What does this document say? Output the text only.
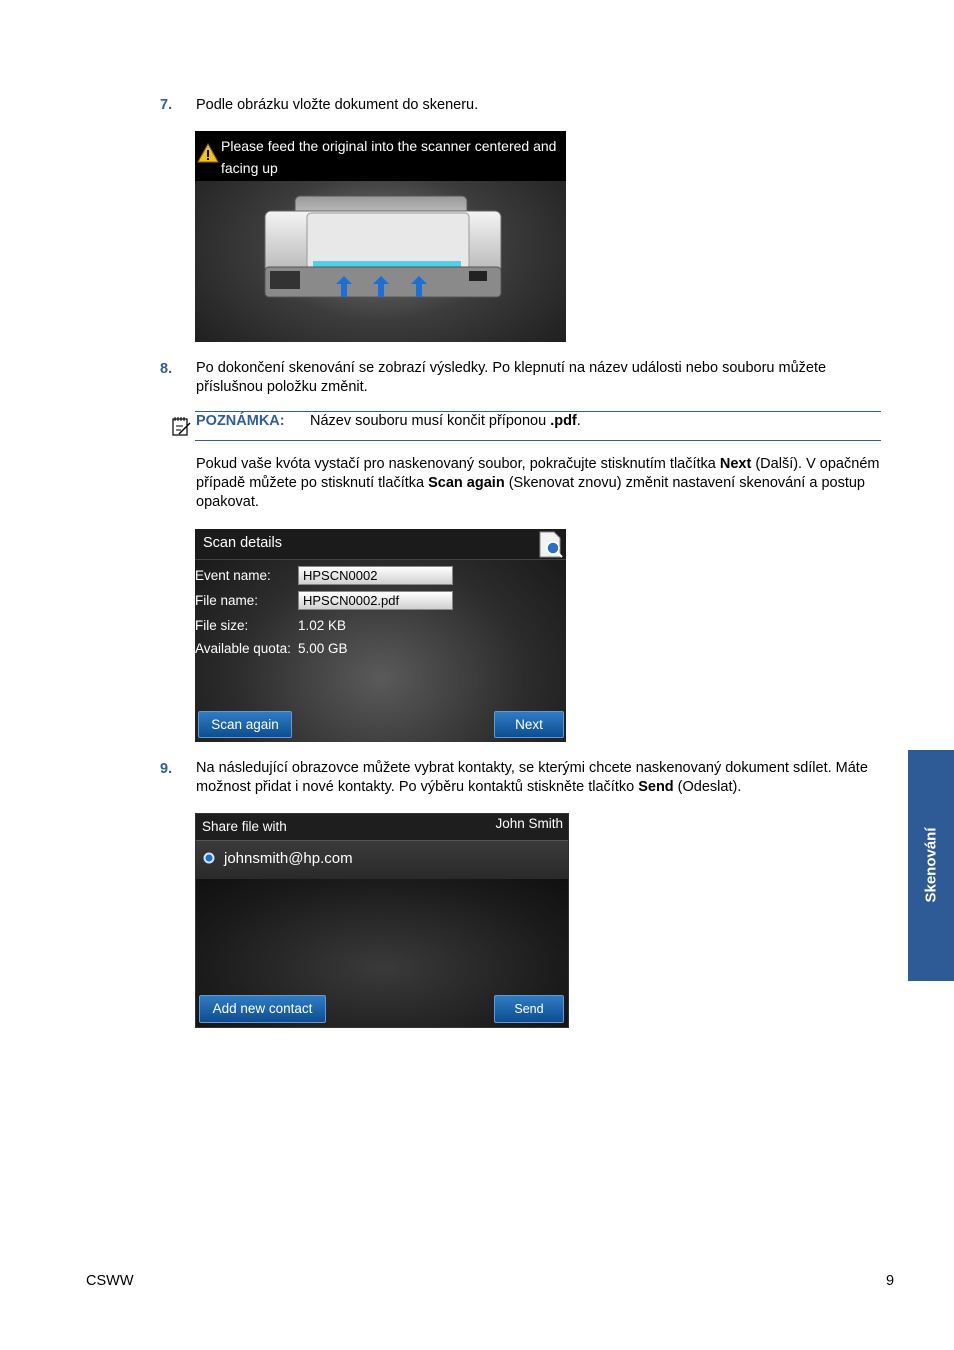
7. Podle obrázku vložte dokument do skeneru.
Please feed the original into the scanner centered and facing up
8. Po dokončení skenování se zobrazí výsledky. Po klepnutí na název události nebo souboru můžete příslušnou položku změnit.
POZNÁMKA: Název souboru musí končit příponou .pdf.
Pokud vaše kvóta vystačí pro naskenovaný soubor, pokračujte stisknutím tlačítka Next (Další). V opačném případě můžete po stisknutí tlačítka Scan again (Skenovat znovu) změnit nastavení skenování a postup opakovat.
Scan details
Event name:	HPSCN0002
File name:	HPSCN0002.pdf
File size:	1.02 KB
Available quota: 5.00 GB
Scan again	Next
9. Na následující obrazovce můžete vybrat kontakty, se kterými chcete naskenovaný dokument sdílet. Máte možnost přidat i nové kontakty. Po výběru kontaktů stiskněte tlačítko Send (Odeslat).
Share file with	John Smith
johnsmith@hp.com
Add new contact	Send
Skenování
CSWW	9
